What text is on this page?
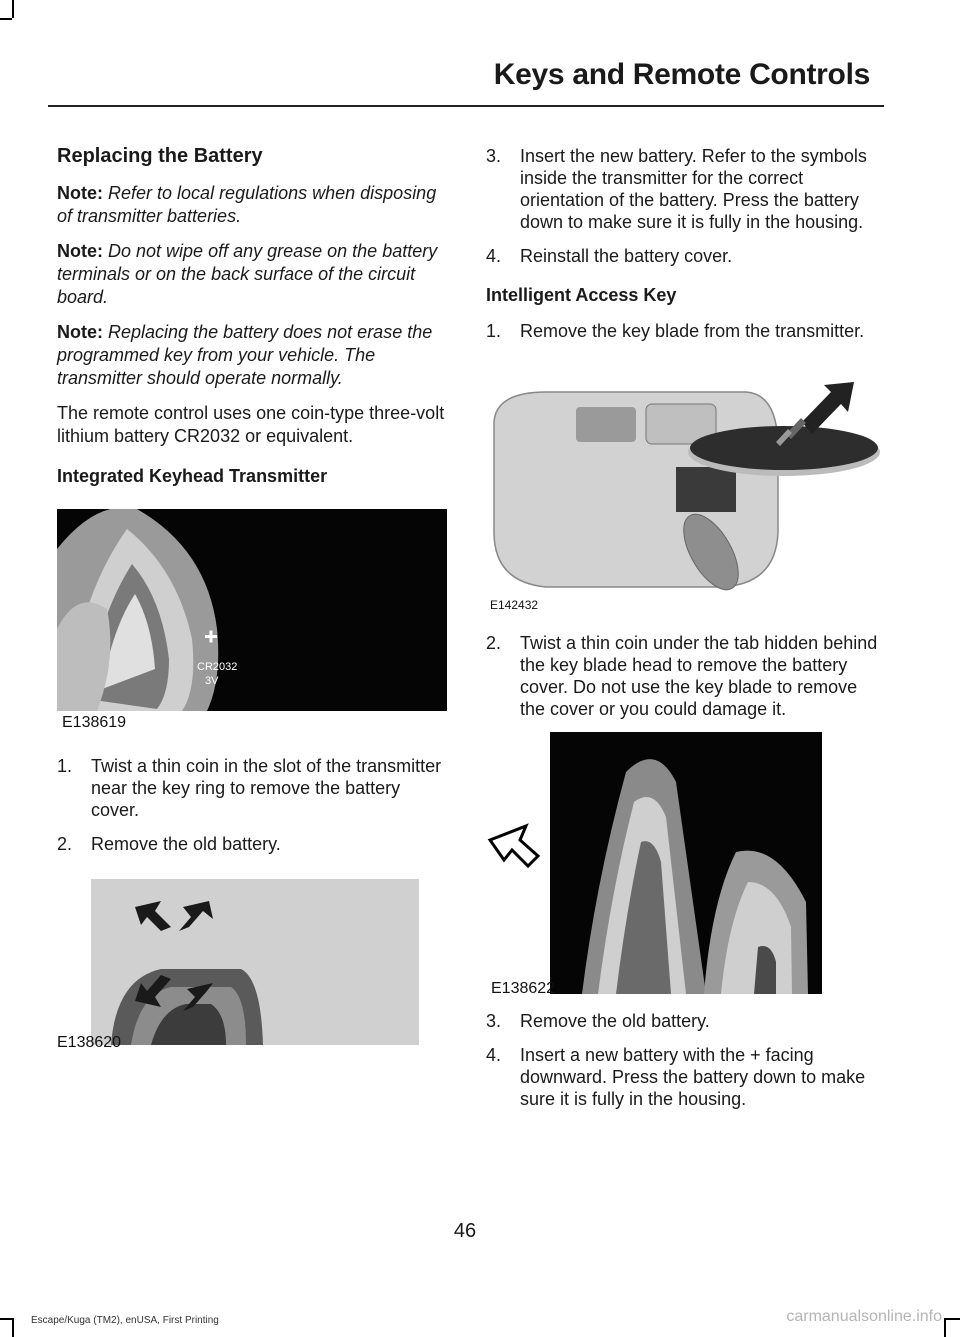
Keys and Remote Controls
Replacing the Battery

Note: Refer to local regulations when disposing of transmitter batteries.

Note: Do not wipe off any grease on the battery terminals or on the back surface of the circuit board.

Note: Replacing the battery does not erase the programmed key from your vehicle. The transmitter should operate normally.

The remote control uses one coin-type three-volt lithium battery CR2032 or equivalent.

Integrated Keyhead Transmitter
CR2032
3V
E138619
1. Twist a thin coin in the slot of the transmitter near the key ring to remove the battery cover.
2. Remove the old battery.
E138620
3. Insert the new battery. Refer to the symbols inside the transmitter for the correct orientation of the battery. Press the battery down to make sure it is fully in the housing.
4. Reinstall the battery cover.
Intelligent Access Key
1. Remove the key blade from the transmitter.
E142432
2. Twist a thin coin under the tab hidden behind the key blade head to remove the battery cover. Do not use the key blade to remove the cover or you could damage it.
E138622
3. Remove the old battery.
4. Insert a new battery with the + facing downward. Press the battery down to make sure it is fully in the housing.
46
Escape/Kuga (TM2), enUSA, First Printing	carmanualsonline.info
